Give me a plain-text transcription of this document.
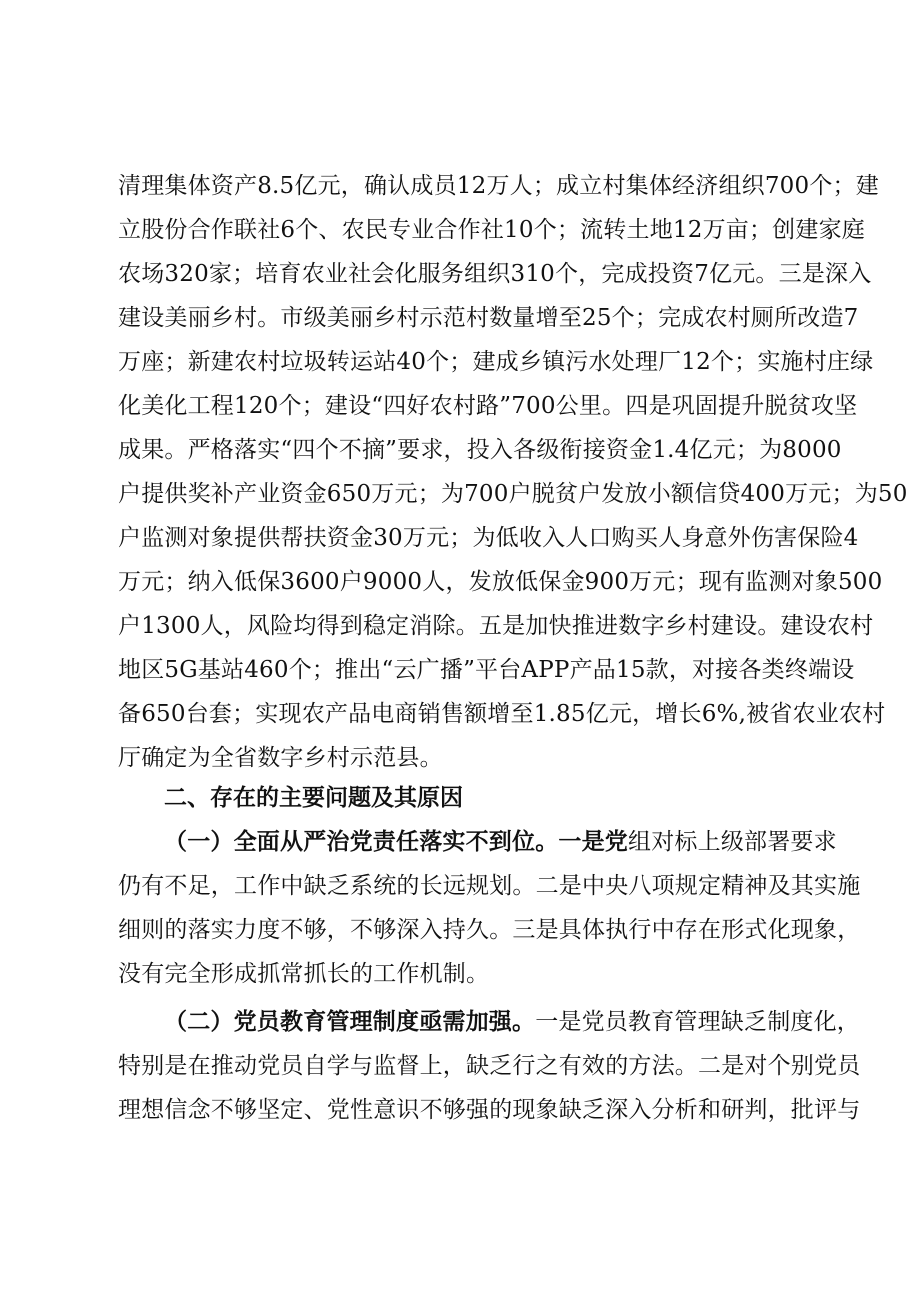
清理集体资产8.5亿元，确认成员12万人；成立村集体经济组织700个；建
立股份合作联社6个、农民专业合作社10个；流转土地12万亩；创建家庭
农场320家；培育农业社会化服务组织310个，完成投资7亿元。三是深入
建设美丽乡村。市级美丽乡村示范村数量增至25个；完成农村厕所改造7
万座；新建农村垃圾转运站40个；建成乡镇污水处理厂12个；实施村庄绿
化美化工程120个；建设“四好农村路”700公里。四是巩固提升脱贫攻坚
成果。严格落实“四个不摘”要求，投入各级衔接资金1.4亿元；为8000
户提供奖补产业资金650万元；为700户脱贫户发放小额信贷400万元；为50
户监测对象提供帮扶资金30万元；为低收入人口购买人身意外伤害保险4
万元；纳入低保3600户9000人，发放低保金900万元；现有监测对象500
户1300人，风险均得到稳定消除。五是加快推进数字乡村建设。建设农村
地区5G基站460个；推出“云广播”平台APP产品15款，对接各类终端设
备650台套；实现农产品电商销售额增至1.85亿元，增长6%,被省农业农村
厅确定为全省数字乡村示范县。
二、存在的主要问题及其原因
（一）全面从严治党责任落实不到位。一是党组对标上级部署要求
仍有不足，工作中缺乏系统的长远规划。二是中央八项规定精神及其实施
细则的落实力度不够，不够深入持久。三是具体执行中存在形式化现象，
没有完全形成抓常抓长的工作机制。
（二）党员教育管理制度亟需加强。一是党员教育管理缺乏制度化，
特别是在推动党员自学与监督上，缺乏行之有效的方法。二是对个别党员
理想信念不够坚定、党性意识不够强的现象缺乏深入分析和研判，批评与
